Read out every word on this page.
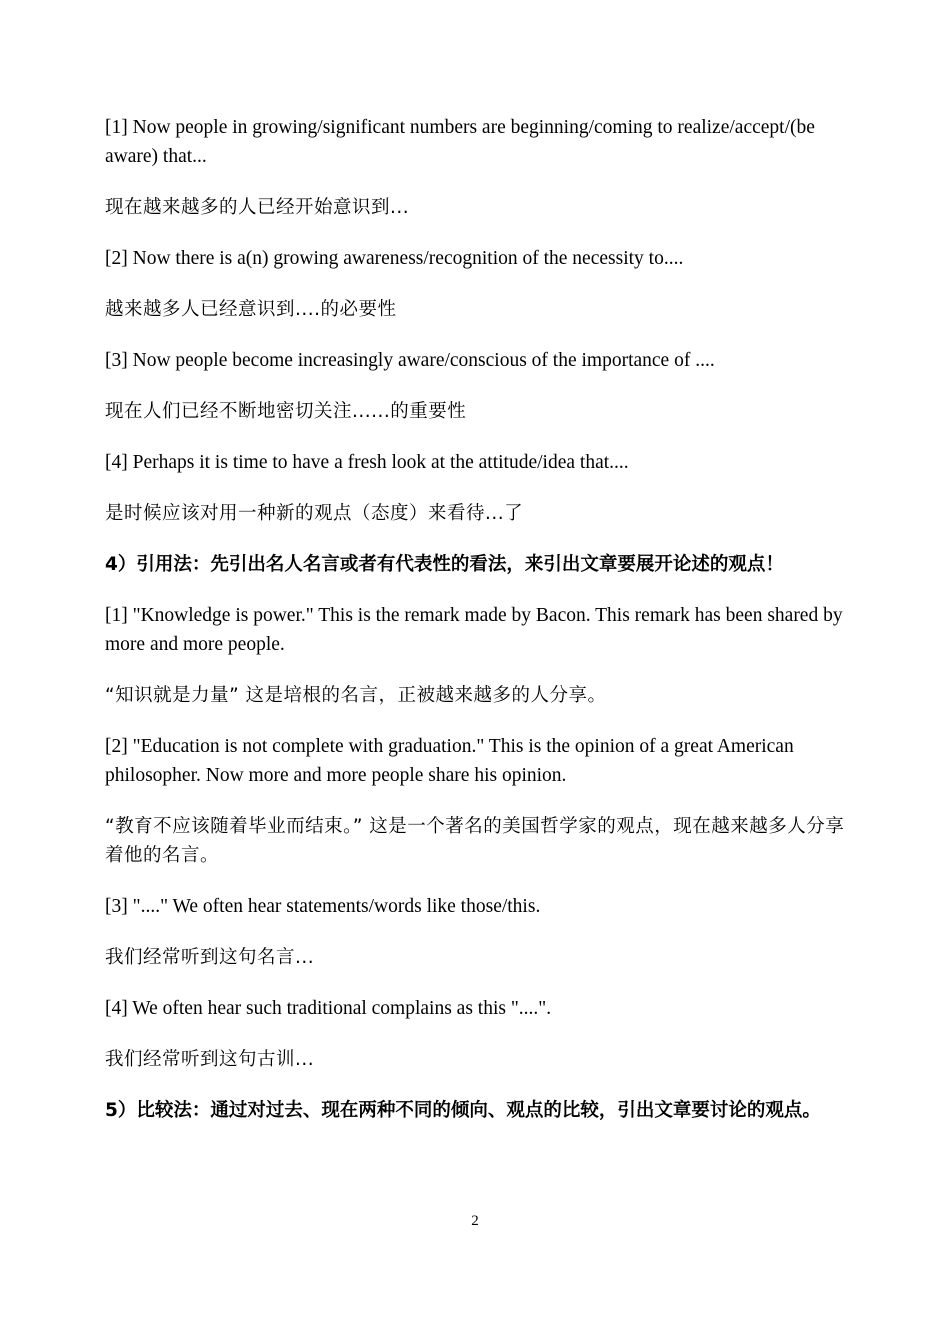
[1] Now people in growing/significant numbers are beginning/coming to realize/accept/(be aware) that...

现在越来越多的人已经开始意识到...

[2] Now there is a(n) growing awareness/recognition of the necessity to....

越来越多人已经意识到....的必要性

[3] Now people become increasingly aware/conscious of the importance of ....

现在人们已经不断地密切关注......的重要性

[4] Perhaps it is time to have a fresh look at the attitude/idea that....

是时候应该对用一种新的观点（态度）来看待...了

4）引用法：先引出名人名言或者有代表性的看法，来引出文章要展开论述的观点！

[1] "Knowledge is power." This is the remark made by Bacon. This remark has been shared by more and more people.

“知识就是力量” 这是培根的名言，正被越来越多的人分享。

[2] "Education is not complete with graduation." This is the opinion of a great American philosopher. Now more and more people share his opinion.

“教育不应该随着毕业而结束。” 这是一个著名的美国哲学家的观点，现在越来越多人分享着他的名言。

[3] "...." We often hear statements/words like those/this.

我们经常听到这句名言...

[4] We often hear such traditional complains as this "....".

我们经常听到这句古训...

5）比较法：通过对过去、现在两种不同的倾向、观点的比较，引出文章要讨论的观点。

2
